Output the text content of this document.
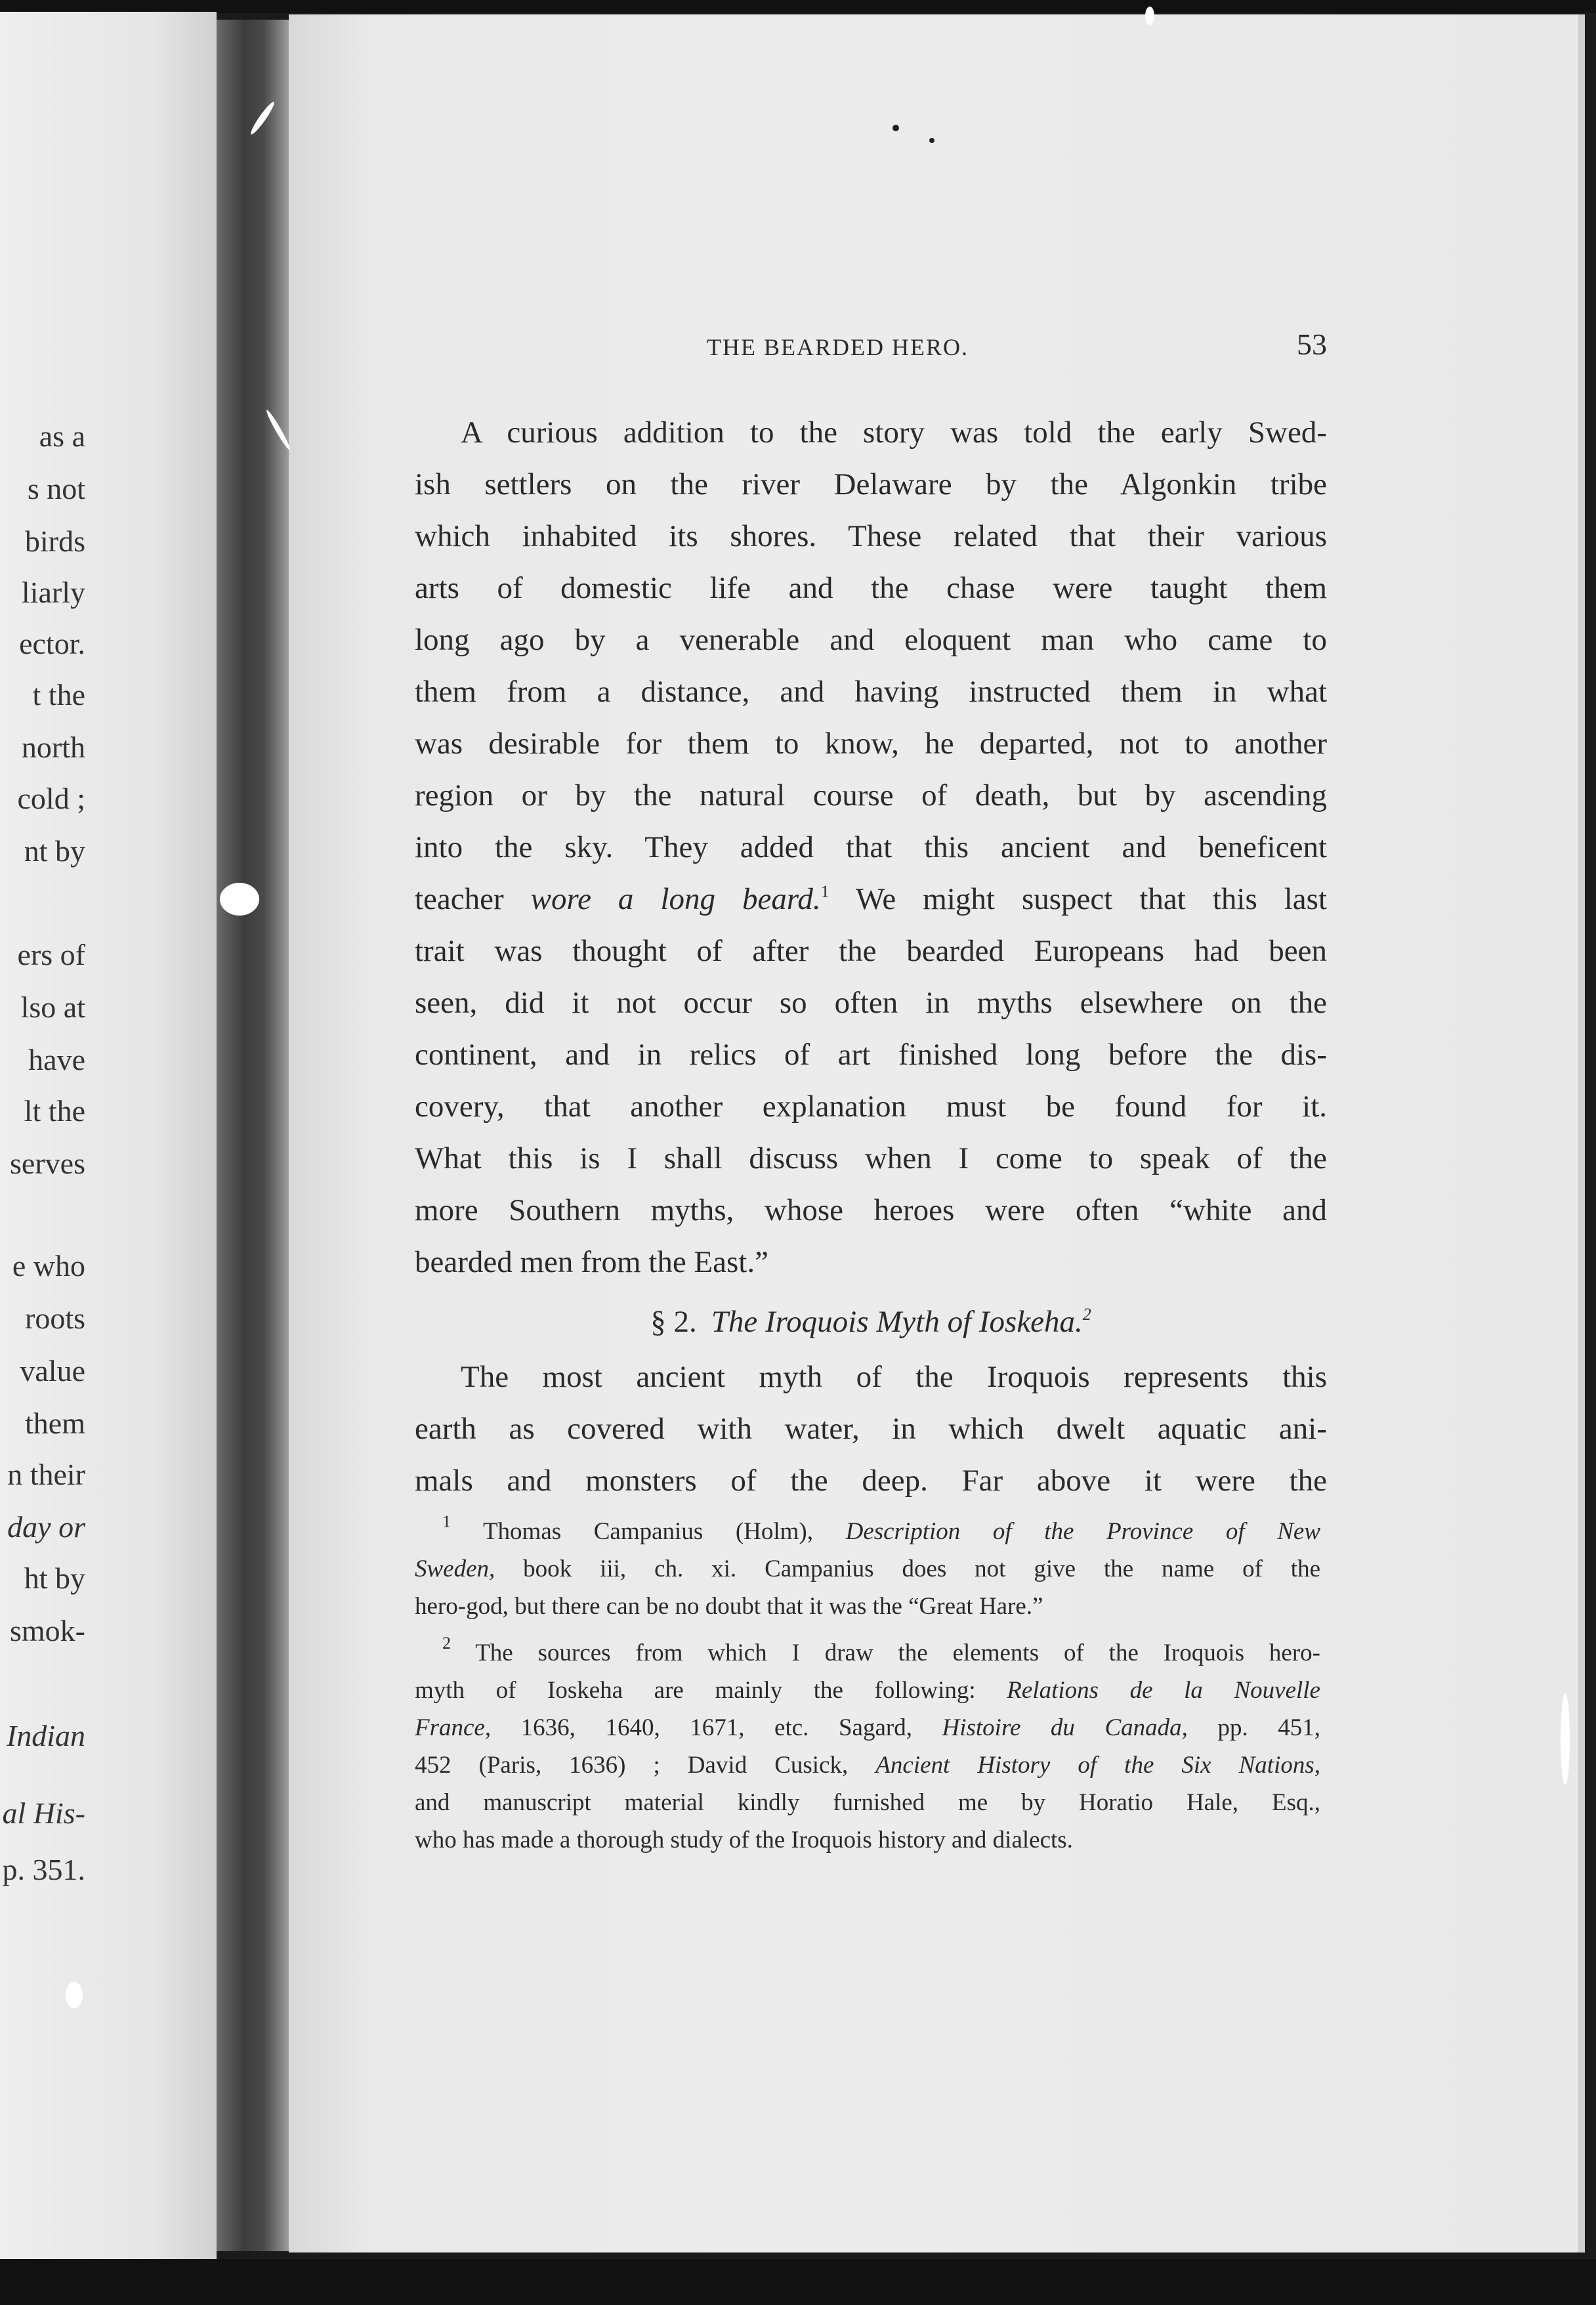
as a
s not
birds
liarly
ector.
t the
north
cold ;
nt by
ers of
lso at
have
lt the
serves
e who
roots
value
them
n their
day or
ht by
smok-
Indian
al His-
p. 351.
THE BEARDED HERO.	53
A curious addition to the story was told the early Swed-
ish settlers on the river Delaware by the Algonkin tribe
which inhabited its shores. These related that their various
arts of domestic life and the chase were taught them
long ago by a venerable and eloquent man who came to
them from a distance, and having instructed them in what
was desirable for them to know, he departed, not to another
region or by the natural course of death, but by ascending
into the sky. They added that this ancient and beneficent
teacher wore a long beard.$^1$ We might suspect that this last
trait was thought of after the bearded Europeans had been
seen, did it not occur so often in myths elsewhere on the
continent, and in relics of art finished long before the dis-
covery, that another explanation must be found for it.
What this is I shall discuss when I come to speak of the
more Southern myths, whose heroes were often “white and
bearded men from the East.”
§ 2. The Iroquois Myth of Ioskeha.$^2$
The most ancient myth of the Iroquois represents this
earth as covered with water, in which dwelt aquatic ani-
mals and monsters of the deep. Far above it were the
$^1$ Thomas Campanius (Holm), Description of the Province of New
Sweden, book iii, ch. xi. Campanius does not give the name of the
hero-god, but there can be no doubt that it was the “Great Hare.”
$^2$ The sources from which I draw the elements of the Iroquois hero-
myth of Ioskeha are mainly the following: Relations de la Nouvelle
France, 1636, 1640, 1671, etc. Sagard, Histoire du Canada, pp. 451,
452 (Paris, 1636) ; David Cusick, Ancient History of the Six Nations,
and manuscript material kindly furnished me by Horatio Hale, Esq.,
who has made a thorough study of the Iroquois history and dialects.
